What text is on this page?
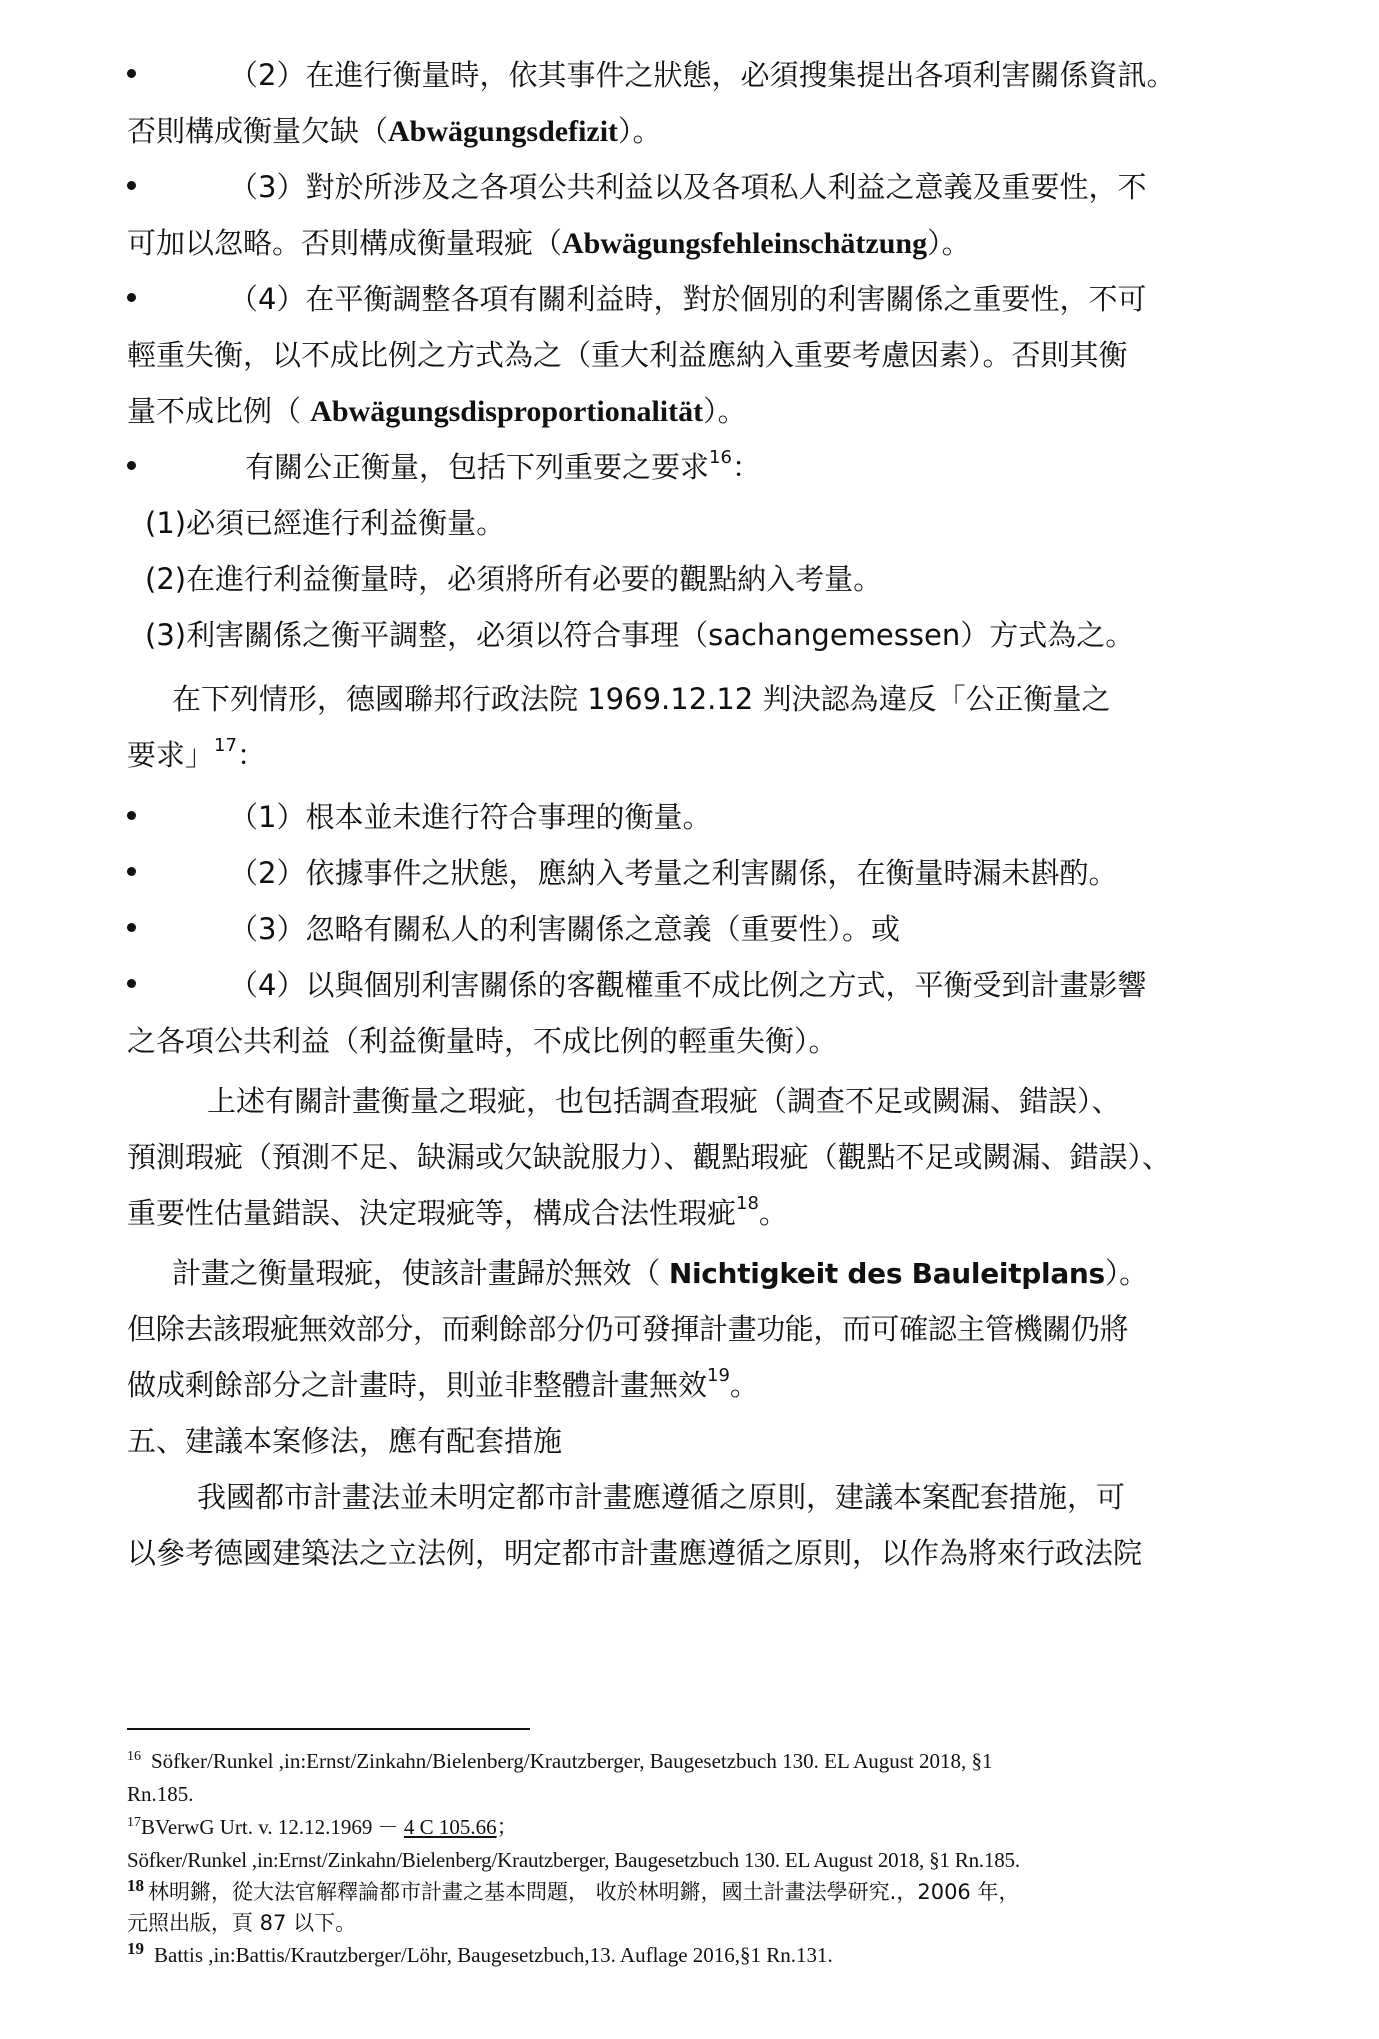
（2）在進行衡量時，依其事件之狀態，必須搜集提出各項利害關係資訊。
否則構成衡量欠缺（Abwägungsdefizit）。
（3）對於所涉及之各項公共利益以及各項私人利益之意義及重要性，不
可加以忽略。否則構成衡量瑕疵（Abwägungsfehleinschätzung）。
（4）在平衡調整各項有關利益時，對於個別的利害關係之重要性，不可
輕重失衡，以不成比例之方式為之（重大利益應納入重要考慮因素）。否則其衡
量不成比例（ Abwägungsdisproportionalität）。
有關公正衡量，包括下列重要之要求$^{16}$：
(1)必須已經進行利益衡量。
(2)在進行利益衡量時，必須將所有必要的觀點納入考量。
(3)利害關係之衡平調整，必須以符合事理（sachangemessen）方式為之。
在下列情形，德國聯邦行政法院 1969.12.12 判決認為違反「公正衡量之
要求」$^{17}$：
（1）根本並未進行符合事理的衡量。
（2）依據事件之狀態，應納入考量之利害關係，在衡量時漏未斟酌。
（3）忽略有關私人的利害關係之意義（重要性）。或
（4）以與個別利害關係的客觀權重不成比例之方式，平衡受到計畫影響
之各項公共利益（利益衡量時，不成比例的輕重失衡）。
上述有關計畫衡量之瑕疵，也包括調查瑕疵（調查不足或闕漏、錯誤）、
預測瑕疵（預測不足、缺漏或欠缺說服力）、觀點瑕疵（觀點不足或闕漏、錯誤）、
重要性估量錯誤、決定瑕疵等，構成合法性瑕疵$^{18}$。
計畫之衡量瑕疵，使該計畫歸於無效（ Nichtigkeit des Bauleitplans）。
但除去該瑕疵無效部分，而剩餘部分仍可發揮計畫功能，而可確認主管機關仍將
做成剩餘部分之計畫時，則並非整體計畫無效$^{19}$。
五、建議本案修法，應有配套措施
我國都市計畫法並未明定都市計畫應遵循之原則，建議本案配套措施，可
以參考德國建築法之立法例，明定都市計畫應遵循之原則，以作為將來行政法院
$^{16}$ Söfker/Runkel ,in:Ernst/Zinkahn/Bielenberg/Krautzberger, Baugesetzbuch 130. EL August 2018, §1
Rn.185.
$^{17}$BVerwG Urt. v. 12.12.1969 － 4 C 105.66；
Söfker/Runkel ,in:Ernst/Zinkahn/Bielenberg/Krautzberger, Baugesetzbuch 130. EL August 2018, §1 Rn.185.
$^{18}$ 林明鏘，從大法官解釋論都市計畫之基本問題， 收於林明鏘，國土計畫法學研究.，2006 年，
元照出版，頁 87 以下。
$^{19}$ Battis ,in:Battis/Krautzberger/Löhr, Baugesetzbuch,13. Auflage 2016,§1 Rn.131.
